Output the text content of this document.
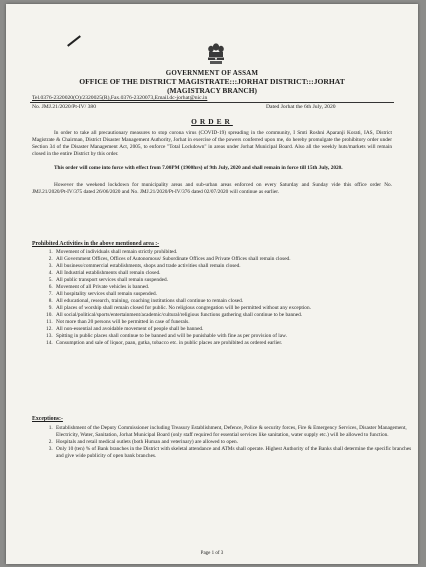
GOVERNMENT OF ASSAM
OFFICE OF THE DISTRICT MAGISTRATE:::JORHAT DISTRICT:::JORHAT
(MAGISTRACY BRANCH)
Tel.0376-2320020(O)/2320025(R),Fax.0376-2320073,Email.dc-jorhat@nic.in
No. JMJ.21/2020/Pt-IV/ 380	Dated Jorhat the 6th July, 2020
ORDER

In order to take all precautionary measures to stop corona virus (COVID-19) spreading in the community, I Smti Roshni Aparanji Korati, IAS, District Magistrate & Chairman, District Disaster Management Authority, Jorhat in exercise of the powers conferred upon me, do hereby promulgate the prohibitory order under Section 34 of the Disaster Management Act, 2005, to enforce "Total Lockdown" in areas under Jorhat Municipal Board. Also all the weekly huts/markets will remain closed in the entire District by this order.

This order will come into force with effect from 7.00PM (1900hrs) of 9th July, 2020 and shall remain in force till 15th July, 2020.

However the weekend lockdown for municipality areas and sub-urban areas enforced on every Saturday and Sunday vide this office order No. JMJ.21/2020/Pt-IV/375 dated 26/06/2020 and No. JMJ.21/2020/Pt-IV/376 dated 02/07/2020 will continue as earlier.

Prohibited Activities in the above mentioned area :-
1. Movement of individuals shall remain strictly prohibited.
2. All Government Offices, Offices of Autonomous/ Subordinate Offices and Private Offices shall remain closed.
3. All business/commercial establishments, shops and trade activities shall remain closed.
4. All Industrial establishments shall remain closed.
5. All public transport services shall remain suspended.
6. Movement of all Private vehicles is banned.
7. All hospitality services shall remain suspended.
8. All educational, research, training, coaching institutions shall continue to remain closed.
9. All places of worship shall remain closed for public. No religious congregation will be permitted without any exception.
10. All social/political/sports/entertainment/academic/cultural/religious functions gathering shall continue to be banned.
11. Not more than 20 persons will be permitted in case of funerals.
12. All non-essential and avoidable movement of people shall be banned.
13. Spitting in public places shall continue to be banned and will be punishable with fine as per provision of law.
14. Consumption and sale of liquor, paan, gutka, tobacco etc. in public places are prohibited as ordered earlier.
Exceptions:-
1. Establishment of the Deputy Commissioner including Treasury Establishment, Defence, Police & security forces, Fire & Emergency Services, Disaster Management, Electricity, Water, Sanitation, Jorhat Municipal Board (only staff required for essential services like sanitation, water supply etc.) will be allowed to function.
2. Hospitals and retail medical outlets (both Human and veterinary) are allowed to open.
3. Only 10 (ten) % of Bank branches in the District with skeletal attendance and ATMs shall operate. Highest Authority of the Banks shall determine the specific branches and give wide publicity of open bank branches.
Page 1 of 3
